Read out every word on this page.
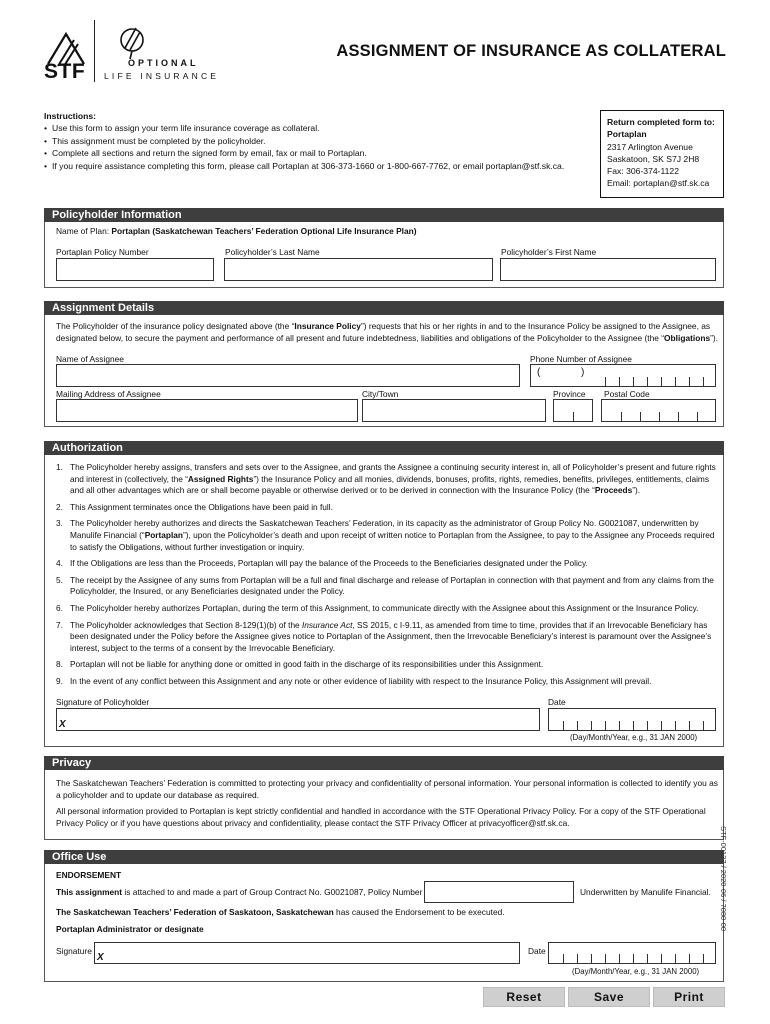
STF	OPTIONAL
LIFE INSURANCE
ASSIGNMENT OF INSURANCE AS COLLATERAL
Instructions:
• Use this form to assign your term life insurance coverage as collateral.
• This assignment must be completed by the policyholder.
• Complete all sections and return the signed form by email, fax or mail to Portaplan.
• If you require assistance completing this form, please call Portaplan at 306-373-1660 or 1-800-667-7762, or email portaplan@stf.sk.ca.
Return completed form to:
Portaplan
2317 Arlington Avenue
Saskatoon, SK S7J 2H8
Fax: 306-374-1122
Email: portaplan@stf.sk.ca
Policyholder Information
Name of Plan: Portaplan (Saskatchewan Teachers’ Federation Optional Life Insurance Plan)
Portaplan Policy Number	Policyholder’s Last Name	Policyholder’s First Name
Assignment Details
The Policyholder of the insurance policy designated above (the “Insurance Policy”) requests that his or her rights in and to the Insurance Policy be assigned to the Assignee, as designated below, to secure the payment and performance of all present and future indebtedness, liabilities and obligations of the Policyholder to the Assignee (the “Obligations”).
Name of Assignee	Phone Number of Assignee
(	)
Mailing Address of Assignee	City/Town	Province Postal Code
Authorization
1. The Policyholder hereby assigns, transfers and sets over to the Assignee, and grants the Assignee a continuing security interest in, all of Policyholder’s present and future rights and interest in (collectively, the “Assigned Rights”) the Insurance Policy and all monies, dividends, bonuses, profits, rights, remedies, benefits, privileges, entitlements, claims and all other advantages which are or shall become payable or otherwise derived or to be derived in connection with the Insurance Policy (the “Proceeds”).
2. This Assignment terminates once the Obligations have been paid in full.
3. The Policyholder hereby authorizes and directs the Saskatchewan Teachers’ Federation, in its capacity as the administrator of Group Policy No. G0021087, underwritten by Manulife Financial (“Portaplan”), upon the Policyholder’s death and upon receipt of written notice to Portaplan from the Assignee, to pay to the Assignee any Proceeds required to satisfy the Obligations, without further investigation or inquiry.
4. If the Obligations are less than the Proceeds, Portaplan will pay the balance of the Proceeds to the Beneficiaries designated under the Policy.
5. The receipt by the Assignee of any sums from Portaplan will be a full and final discharge and release of Portaplan in connection with that payment and from any claims from the Policyholder, the Insured, or any Beneficiaries designated under the Policy.
6. The Policyholder hereby authorizes Portaplan, during the term of this Assignment, to communicate directly with the Assignee about this Assignment or the Insurance Policy.
7. The Policyholder acknowledges that Section 8-129(1)(b) of the Insurance Act, SS 2015, c I-9.11, as amended from time to time, provides that if an Irrevocable Beneficiary has been designated under the Policy before the Assignee gives notice to Portaplan of the Assignment, then the Irrevocable Beneficiary’s interest is paramount over the Assignee’s interest, subject to the terms of a consent by the Irrevocable Beneficiary.
8. Portaplan will not be liable for anything done or omitted in good faith in the discharge of its responsibilities under this Assignment.
9. In the event of any conflict between this Assignment and any note or other evidence of liability with respect to the Insurance Policy, this Assignment will prevail.
Signature of Policyholder	Date
X
(Day/Month/Year, e.g., 31 JAN 2000)
Privacy
The Saskatchewan Teachers’ Federation is committed to protecting your privacy and confidentiality of personal information. Your personal information is collected to identify you as a policyholder and to update our database as required.
All personal information provided to Portaplan is kept strictly confidential and handled in accordance with the STF Operational Privacy Policy. For a copy of the STF Operational Privacy Policy or if you have questions about privacy and confidentiality, please contact the STF Privacy Officer at privacyofficer@stf.sk.ca.
Office Use
ENDORSEMENT
This assignment is attached to and made a part of Group Contract No. G0021087, Policy Number	Underwritten by Manulife Financial.
The Saskatchewan Teachers’ Federation of Saskatoon, Saskatchewan has caused the Endorsement to be executed.
Portaplan Administrator or designate
Signature
X
Date
(Day/Month/Year, e.g., 31 JAN 2000)
STF-00127 / 2020-06 / 7080-00
Reset	Save	Print
